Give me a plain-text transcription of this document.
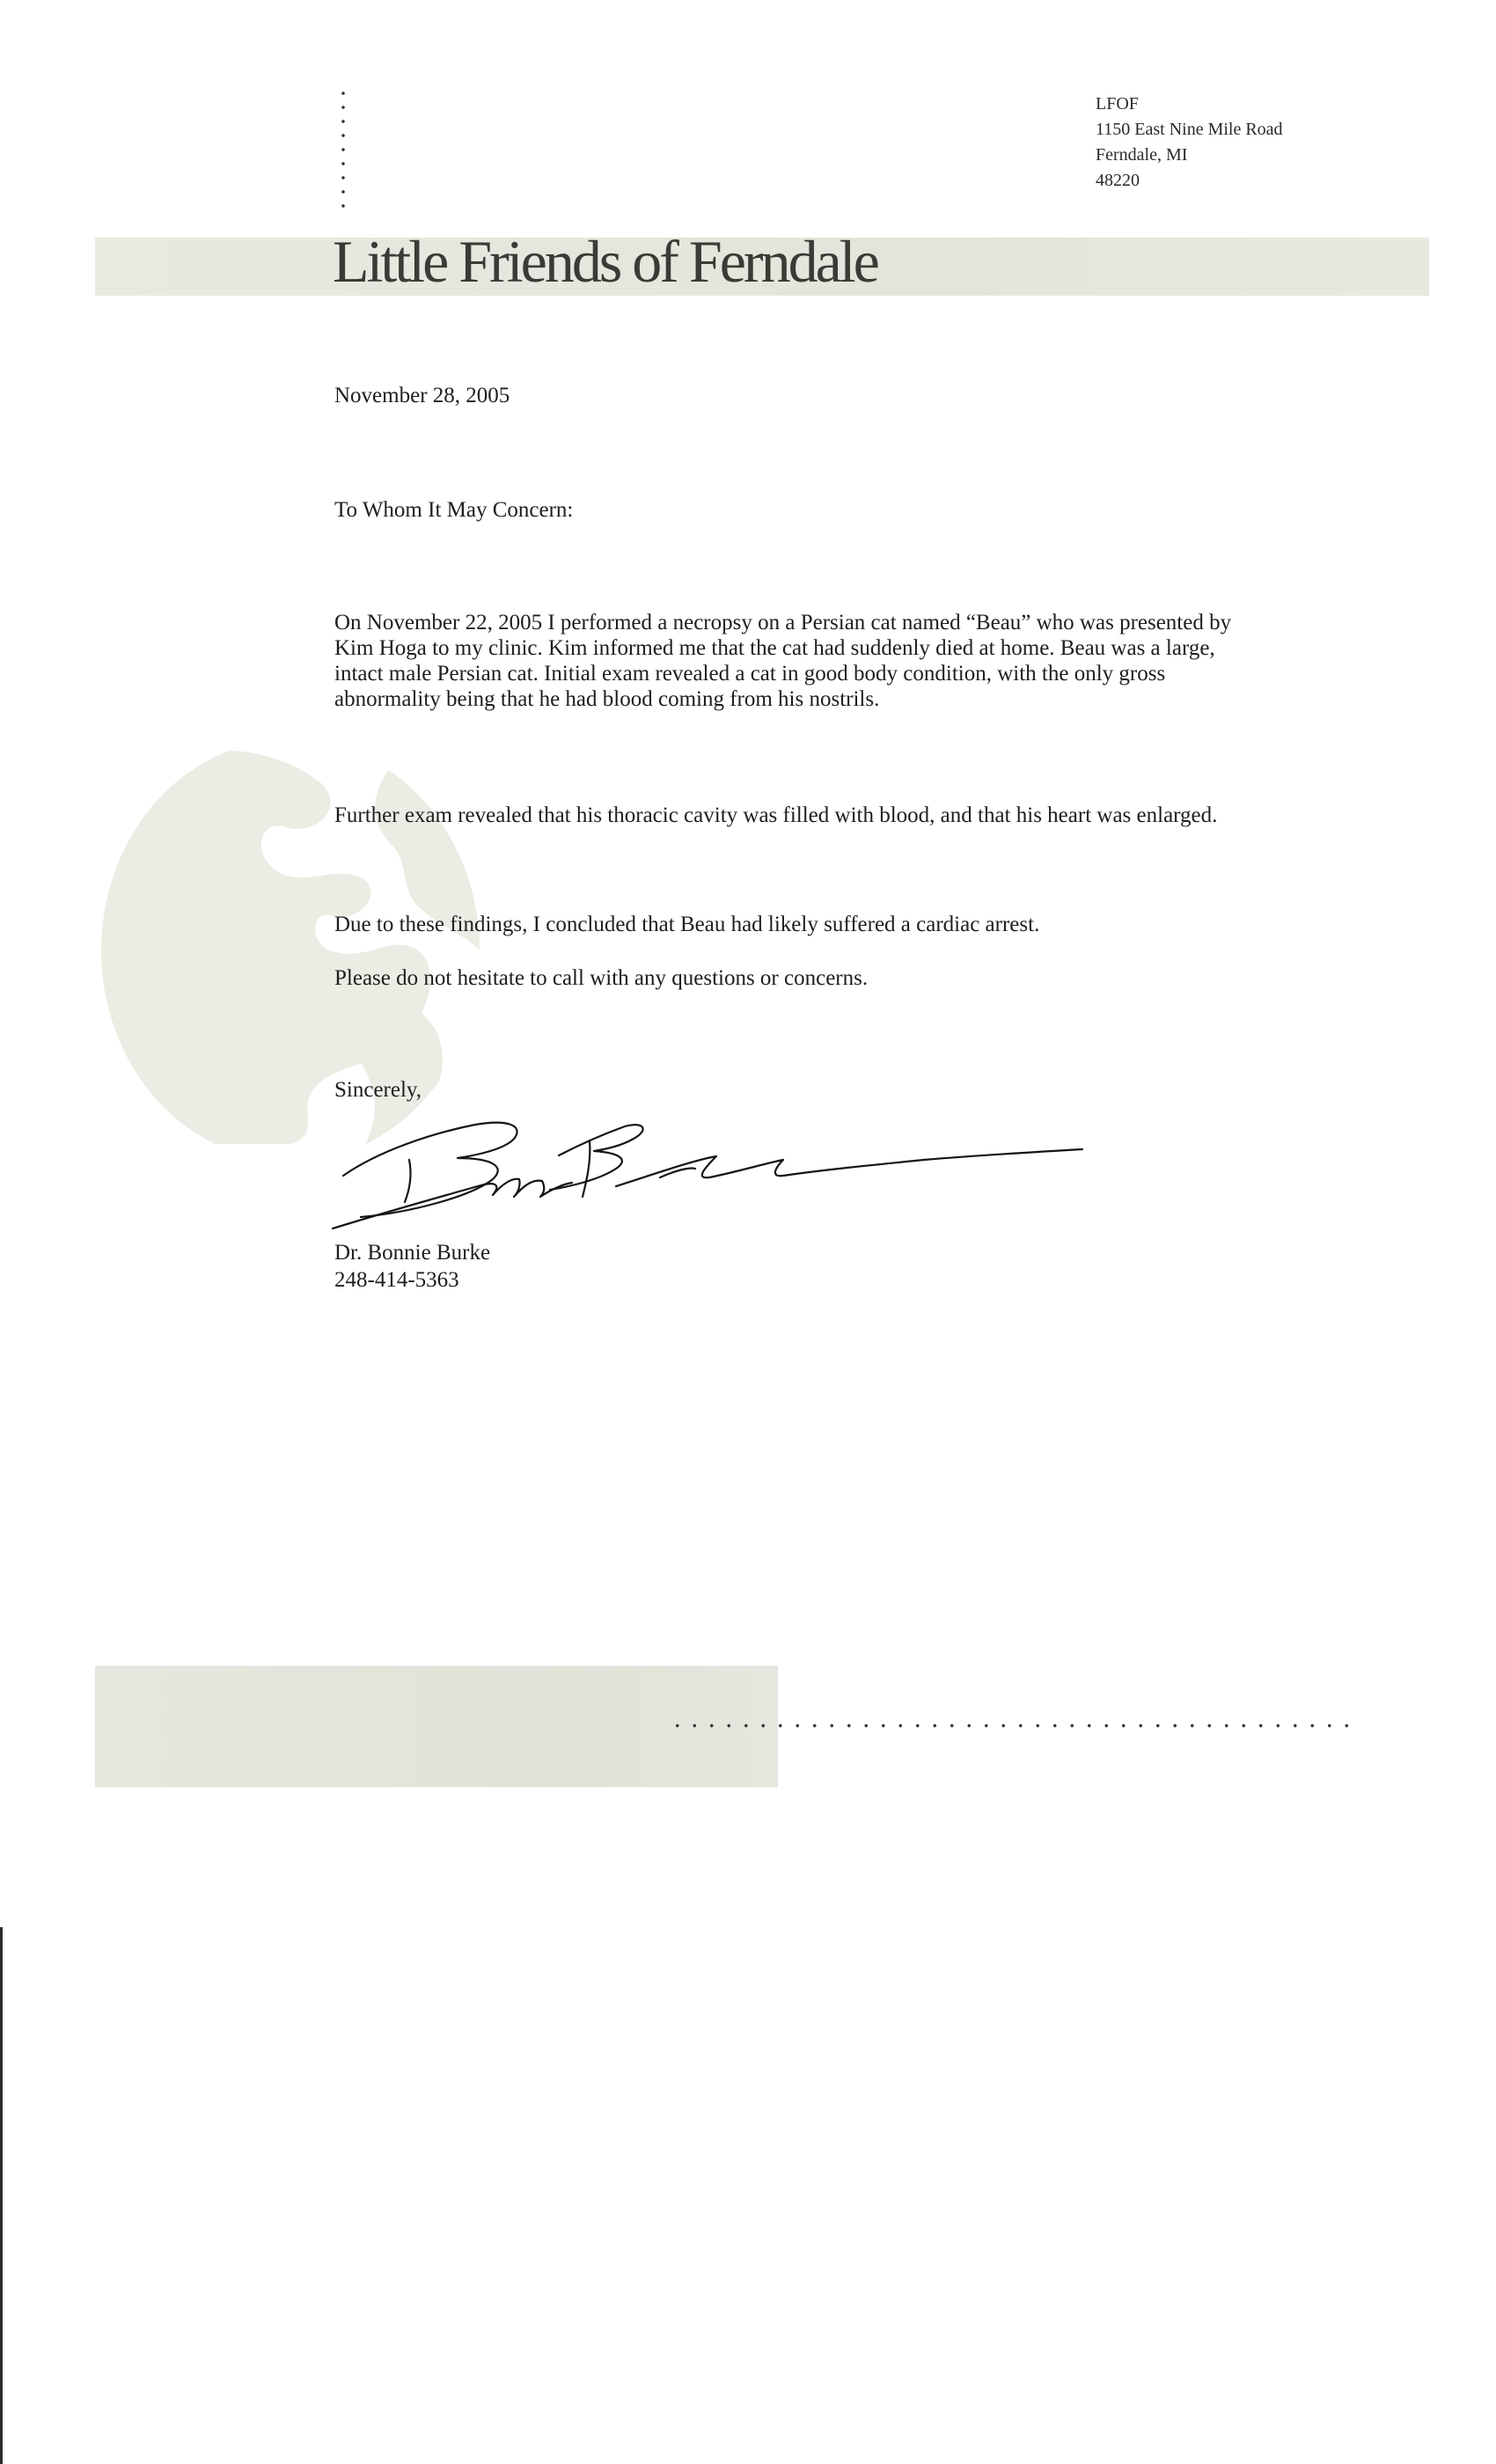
LFOF
1150 East Nine Mile Road
Ferndale, MI
48220
Little Friends of Ferndale
November 28, 2005
To Whom It May Concern:
On November 22, 2005 I performed a necropsy on a Persian cat named “Beau” who was presented by
Kim Hoga to my clinic. Kim informed me that the cat had suddenly died at home. Beau was a large,
intact male Persian cat. Initial exam revealed a cat in good body condition, with the only gross
abnormality being that he had blood coming from his nostrils.
Further exam revealed that his thoracic cavity was filled with blood, and that his heart was enlarged.
Due to these findings, I concluded that Beau had likely suffered a cardiac arrest.
Please do not hesitate to call with any questions or concerns.
Sincerely,
Dr. Bonnie Burke
248-414-5363
